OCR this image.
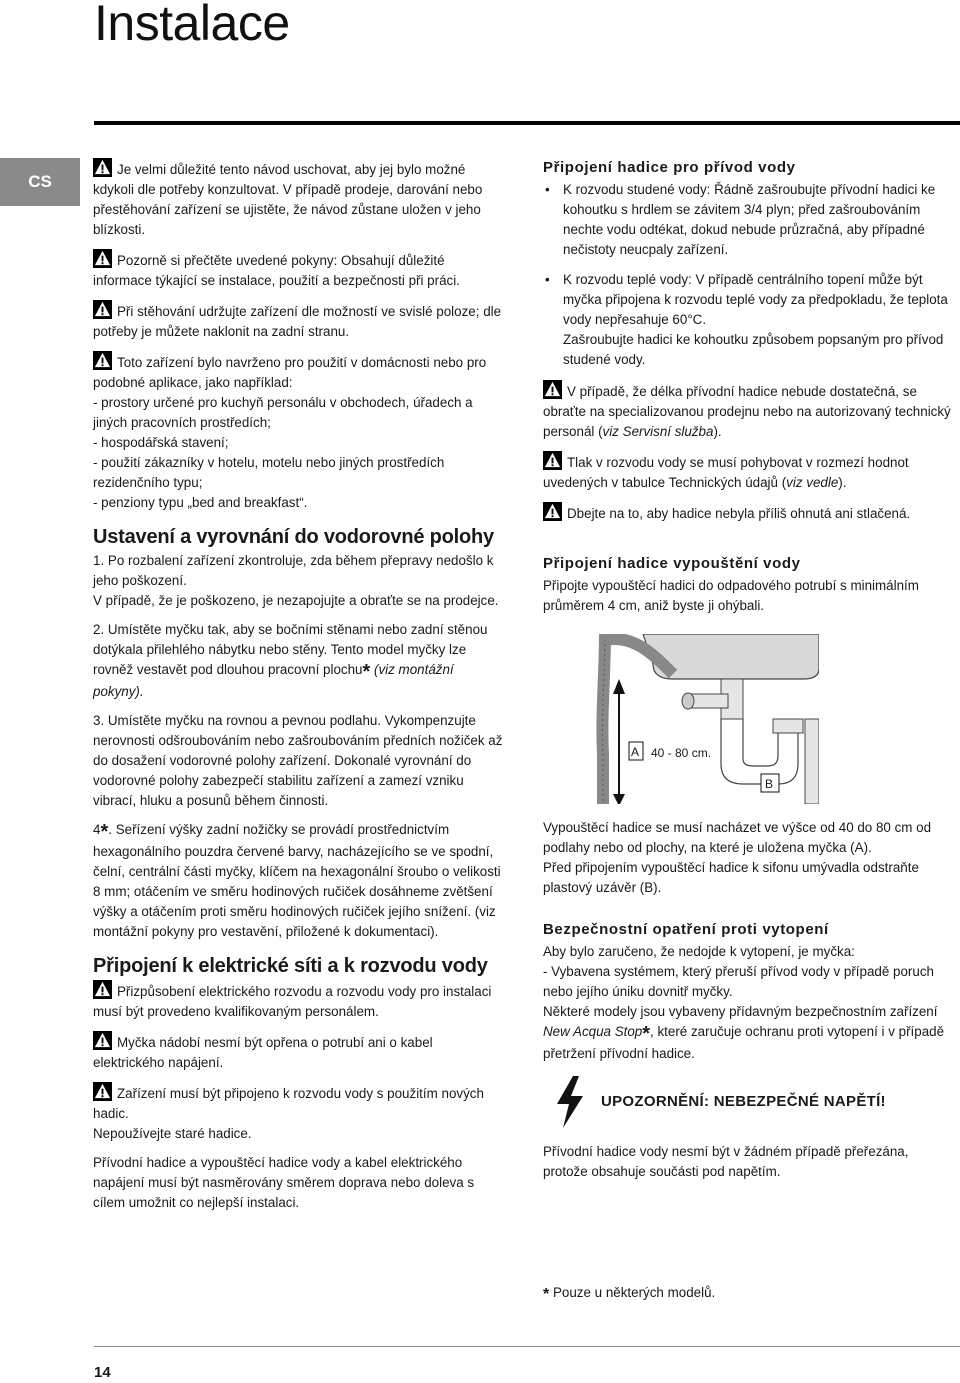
Instalace
CS

Je velmi důležité tento návod uschovat, aby jej bylo možné kdykoli dle potřeby konzultovat. V případě prodeje, darování nebo přestěhování zařízení se ujistěte, že návod zůstane uložen v jeho blízkosti.

Pozorně si přečtěte uvedené pokyny: Obsahují důležité informace týkající se instalace, použití a bezpečnosti při práci.

Při stěhování udržujte zařízení dle možností ve svislé poloze; dle potřeby je můžete naklonit na zadní stranu.

Toto zařízení bylo navrženo pro použití v domácnosti nebo pro podobné aplikace, jako například:

- prostory určené pro kuchyň personálu v obchodech, úřadech a jiných pracovních prostředích;

- hospodářská stavení;

- použití zákazníky v hotelu, motelu nebo jiných prostředích rezidenčního typu;

- penziony typu „bed and breakfast“.

Ustavení a vyrovnání do vodorovné polohy

1. Po rozbalení zařízení zkontroluje, zda během přepravy nedošlo k jeho poškození.

V případě, že je poškozeno, je nezapojujte a obraťte se na prodejce.

2. Umístěte myčku tak, aby se bočními stěnami nebo zadní stěnou dotýkala přilehlého nábytku nebo stěny. Tento model myčky lze rovněž vestavět pod dlouhou pracovní plochu* (viz montážní pokyny).

3. Umístěte myčku na rovnou a pevnou podlahu. Vykompenzujte nerovnosti odšroubováním nebo zašroubováním předních nožiček až do dosažení vodorovné polohy zařízení. Dokonalé vyrovnání do vodorovné polohy zabezpečí stabilitu zařízení a zamezí vzniku vibrací, hluku a posunů během činnosti.

4*. Seřízení výšky zadní nožičky se provádí prostřednictvím hexagonálního pouzdra červené barvy, nacházejícího se ve spodní, čelní, centrální části myčky, klíčem na hexagonální šroubo o velikosti 8 mm; otáčením ve směru hodinových ručiček dosáhneme zvětšení výšky a otáčením proti směru hodinových ručiček jejího snížení. (viz montážní pokyny pro vestavění, přiložené k dokumentaci).

Připojení k elektrické síti a k rozvodu vody

Přizpůsobení elektrického rozvodu a rozvodu vody pro instalaci musí být provedeno kvalifikovaným personálem.

Myčka nádobí nesmí být opřena o potrubí ani o kabel elektrického napájení.

Zařízení musí být připojeno k rozvodu vody s použitím nových hadic.

Nepoužívejte staré hadice.

Přívodní hadice a vypouštěcí hadice vody a kabel elektrického napájení musí být nasměrovány směrem doprava nebo doleva s cílem umožnit co nejlepší instalaci.

Připojení hadice pro přívod vody
• K rozvodu studené vody: Řádně zašroubujte přívodní hadici ke kohoutku s hrdlem se závitem 3/4 plyn; před zašroubováním nechte vodu odtékat, dokud nebude průzračná, aby případné nečistoty neucpaly zařízení.
• K rozvodu teplé vody: V případě centrálního topení může být myčka připojena k rozvodu teplé vody za předpokladu, že teplota vody nepřesahuje 60°C.
Zašroubujte hadici ke kohoutku způsobem popsaným pro přívod studené vody.

V případě, že délka přívodní hadice nebude dostatečná, se obraťte na specializovanou prodejnu nebo na autorizovaný technický personál (viz Servisní služba).

Tlak v rozvodu vody se musí pohybovat v rozmezí hodnot uvedených v tabulce Technických údajů (viz vedle).

Dbejte na to, aby hadice nebyla příliš ohnutá ani stlačená.

Připojení hadice vypouštění vody

Připojte vypouštěcí hadici do odpadového potrubí s minimálním průměrem 4 cm, aniž byste ji ohýbali.

A 40 - 80 cm.
B

Vypouštěcí hadice se musí nacházet ve výšce od 40 do 80 cm od podlahy nebo od plochy, na které je uložena myčka (A).

Před připojením vypouštěcí hadice k sifonu umývadla odstraňte plastový uzávěr (B).

Bezpečnostní opatření proti vytopení

Aby bylo zaručeno, že nedojde k vytopení, je myčka:

- Vybavena systémem, který přeruší přívod vody v případě poruch nebo jejího úniku dovnitř myčky.

Některé modely jsou vybaveny přídavným bezpečnostním zařízení New Acqua Stop*, které zaručuje ochranu proti vytopení i v případě přetržení přívodní hadice.

UPOZORNĚNÍ: NEBEZPEČNÉ NAPĚTÍ!

Přívodní hadice vody nesmí být v žádném případě přeřezána, protože obsahuje součásti pod napětím.

* Pouze u některých modelů.
14
